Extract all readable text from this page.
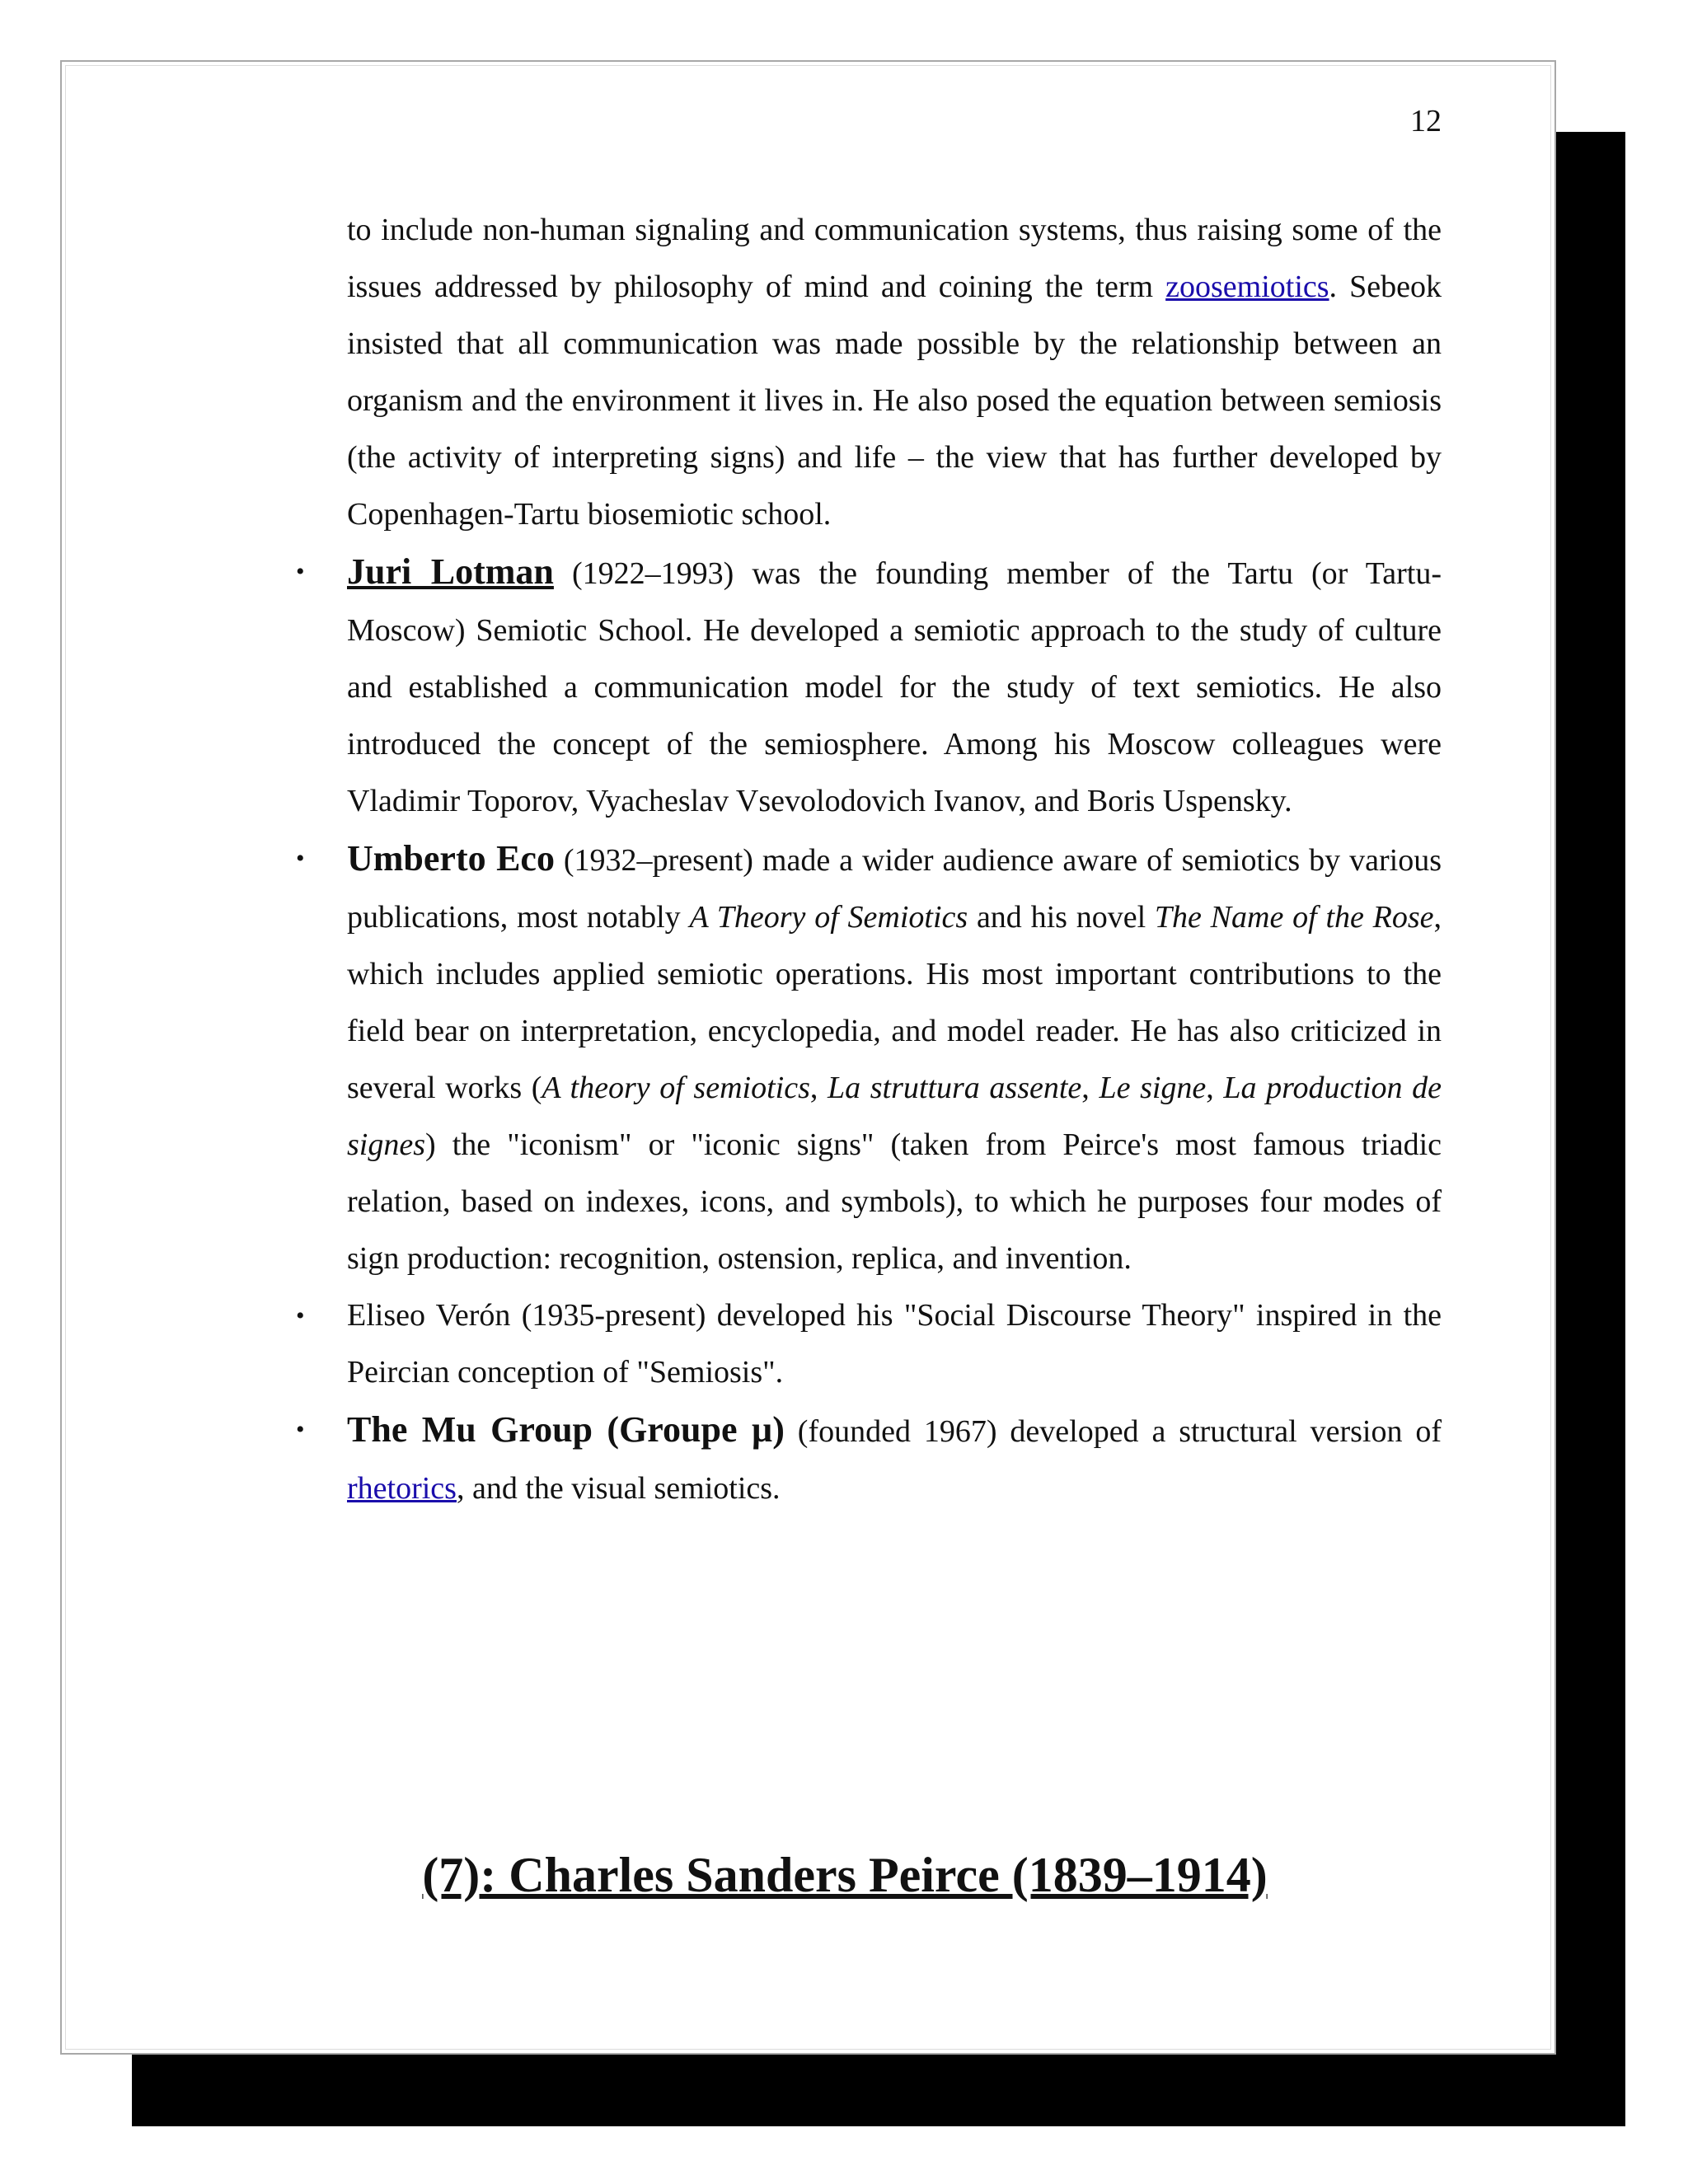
12

to include non-human signaling and communication systems, thus raising some of the issues addressed by philosophy of mind and coining the term zoosemiotics. Sebeok insisted that all communication was made possible by the relationship between an organism and the environment it lives in. He also posed the equation between semiosis (the activity of interpreting signs) and life – the view that has further developed by Copenhagen-Tartu biosemiotic school.

• Juri Lotman (1922–1993) was the founding member of the Tartu (or Tartu-Moscow) Semiotic School. He developed a semiotic approach to the study of culture and established a communication model for the study of text semiotics. He also introduced the concept of the semiosphere. Among his Moscow colleagues were Vladimir Toporov, Vyacheslav Vsevolodovich Ivanov, and Boris Uspensky.
• Umberto Eco (1932–present) made a wider audience aware of semiotics by various publications, most notably A Theory of Semiotics and his novel The Name of the Rose, which includes applied semiotic operations. His most important contributions to the field bear on interpretation, encyclopedia, and model reader. He has also criticized in several works (A theory of semiotics, La struttura assente, Le signe, La production de signes) the "iconism" or "iconic signs" (taken from Peirce's most famous triadic relation, based on indexes, icons, and symbols), to which he purposes four modes of sign production: recognition, ostension, replica, and invention.
• Eliseo Verón (1935-present) developed his "Social Discourse Theory" inspired in the Peircian conception of "Semiosis".
• The Mu Group (Groupe µ) (founded 1967) developed a structural version of rhetorics, and the visual semiotics.
(7): Charles Sanders Peirce (1839–1914)
